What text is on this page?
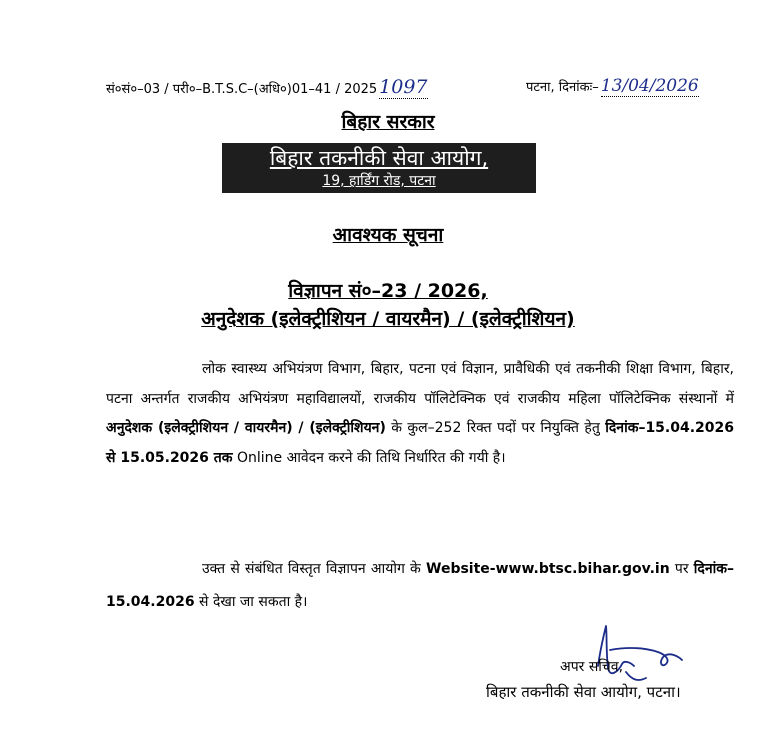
सं०सं०–03 / परी०–B.T.S.C–(अधि०)01–41 / 2025 1097	पटना, दिनांकः– 13/04/2026
बिहार सरकार
बिहार तकनीकी सेवा आयोग,
19, हार्डिंग रोड, पटना
आवश्यक सूचना
विज्ञापन सं०–23 / 2026,
अनुदेशक (इलेक्ट्रीशियन / वायरमैन) / (इलेक्ट्रीशियन)
लोक स्वास्थ्य अभियंत्रण विभाग, बिहार, पटना एवं विज्ञान, प्रावैधिकी एवं तकनीकी शिक्षा विभाग, बिहार, पटना अन्तर्गत राजकीय अभियंत्रण महाविद्यालयों, राजकीय पॉलिटेक्निक एवं राजकीय महिला पॉलिटेक्निक संस्थानों में अनुदेशक (इलेक्ट्रीशियन / वायरमैन) / (इलेक्ट्रीशियन) के कुल–252 रिक्त पदों पर नियुक्ति हेतु दिनांक–15.04.2026 से 15.05.2026 तक Online आवेदन करने की तिथि निर्धारित की गयी है।
उक्त से संबंधित विस्तृत विज्ञापन आयोग के Website-www.btsc.bihar.gov.in पर दिनांक–15.04.2026 से देखा जा सकता है।
अपर सचिव,
बिहार तकनीकी सेवा आयोग, पटना।
